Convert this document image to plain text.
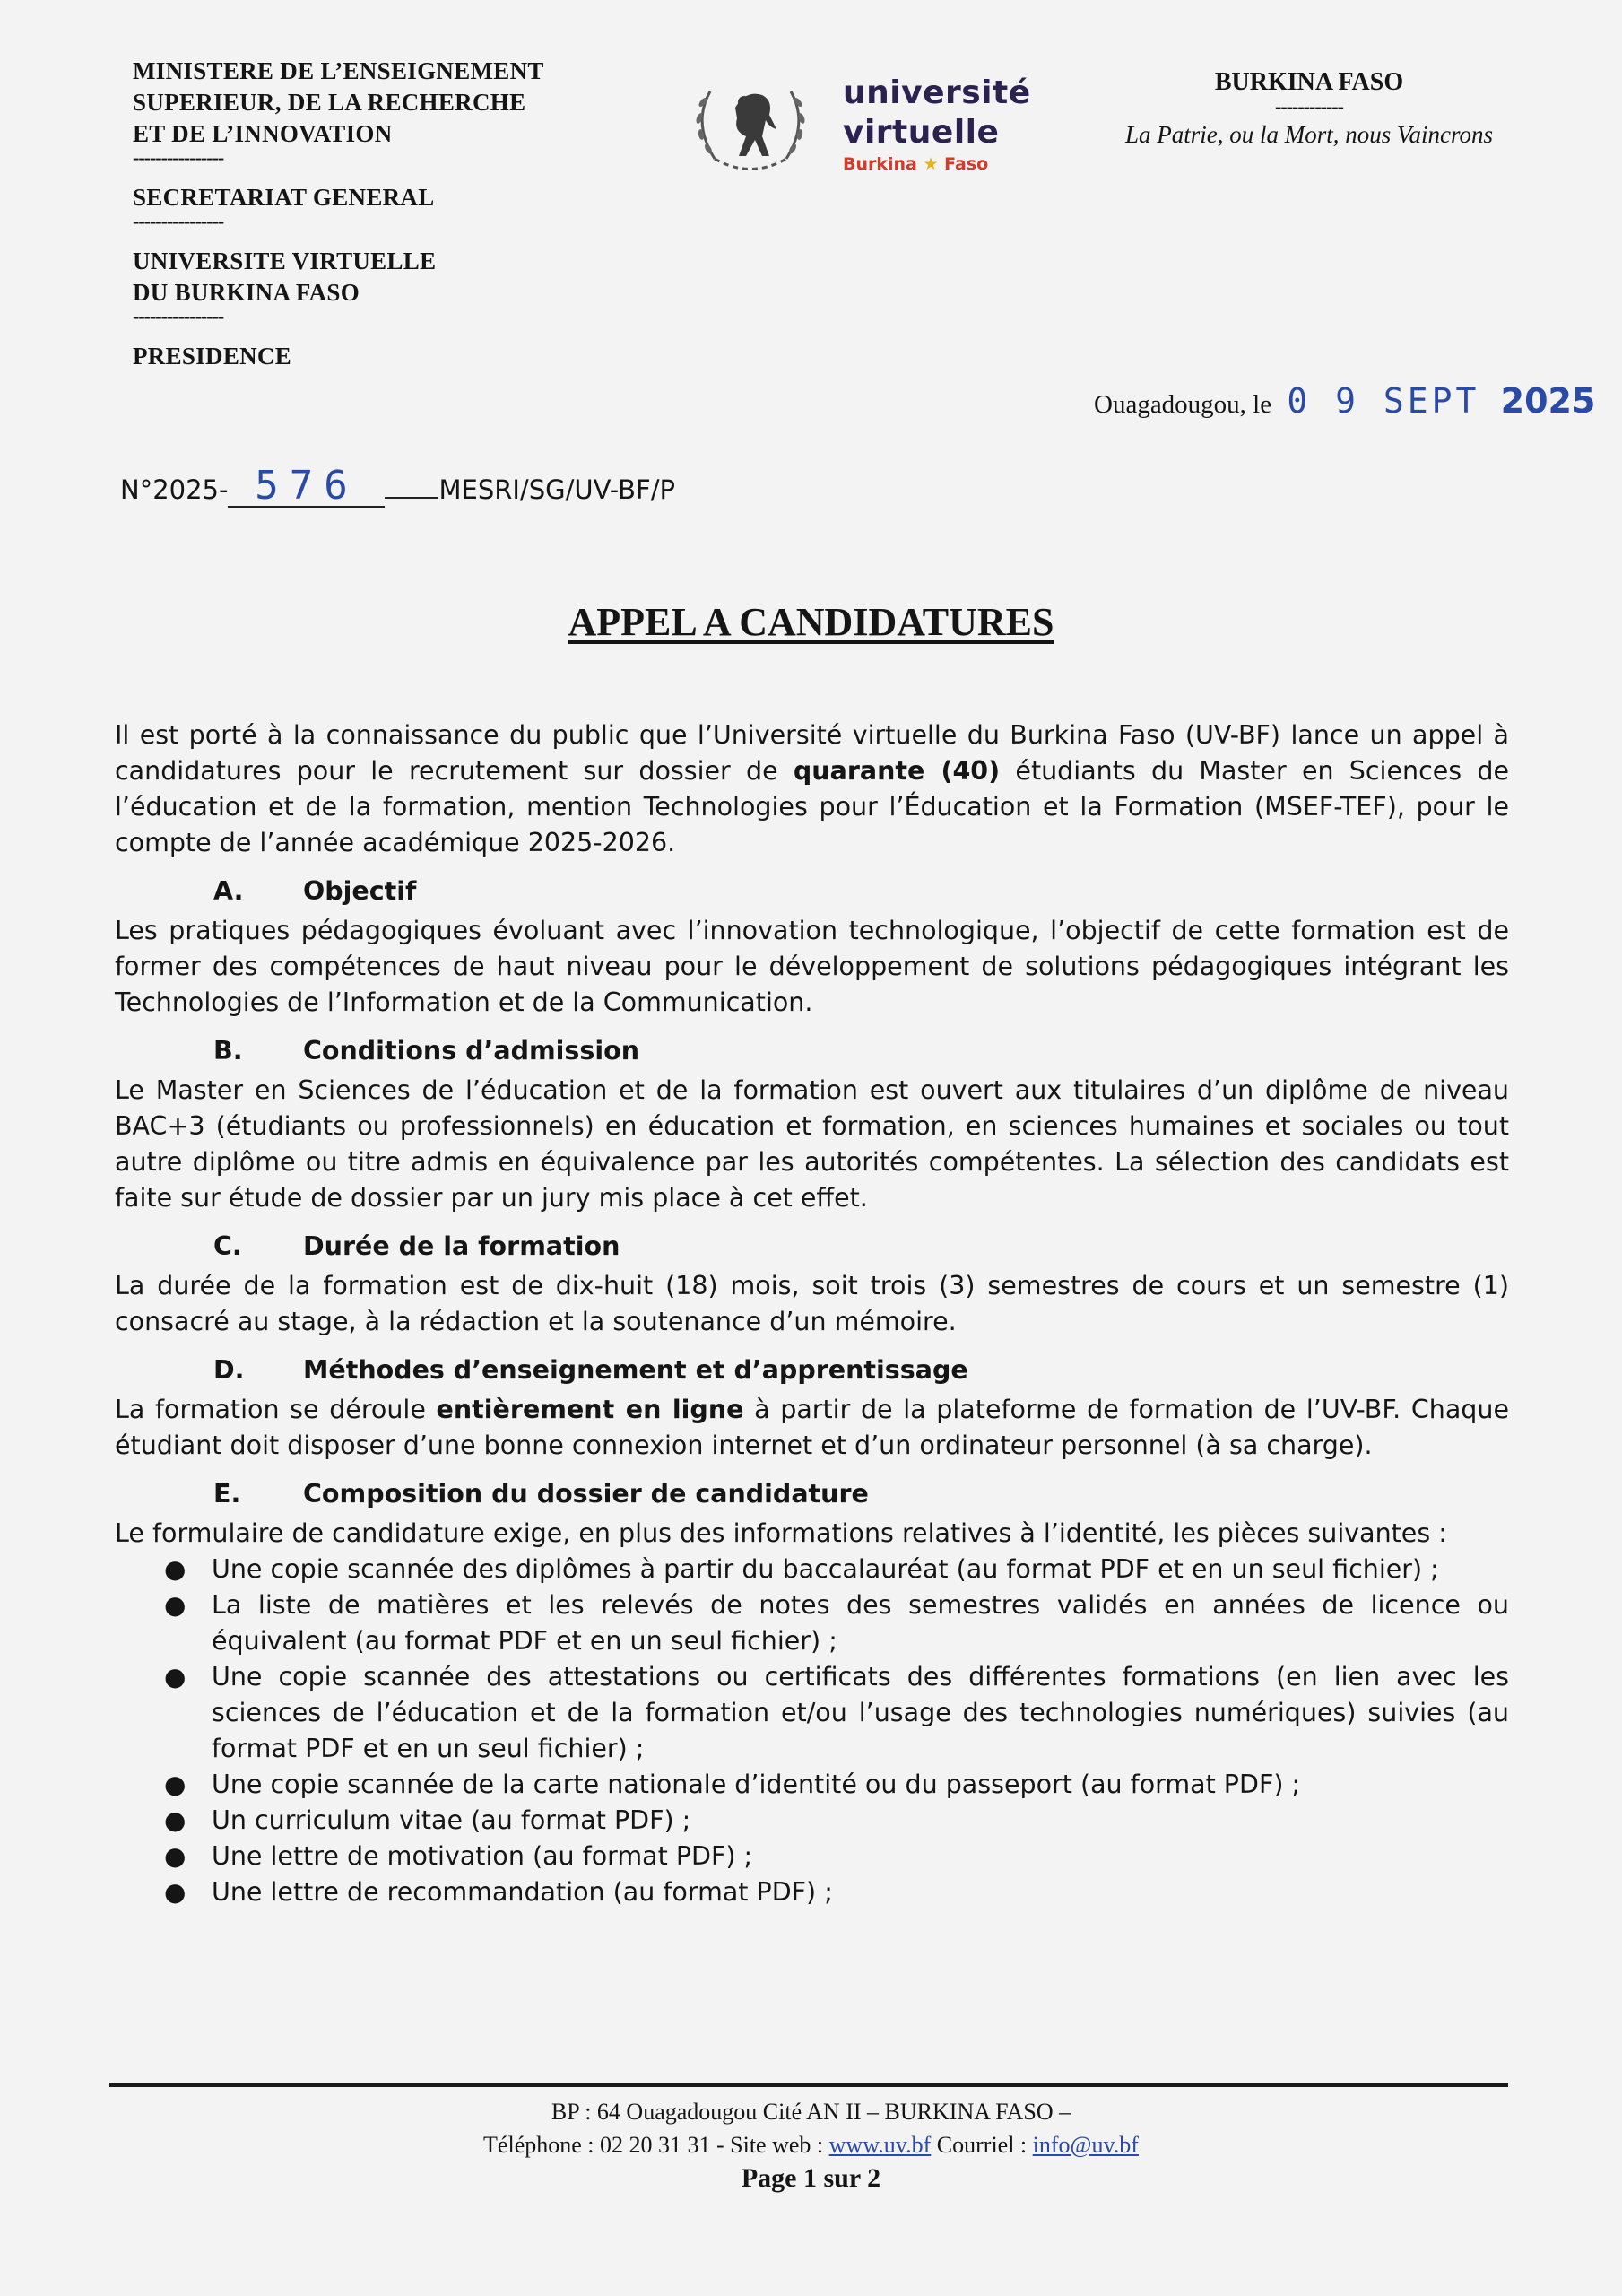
MINISTERE DE L’ENSEIGNEMENT
SUPERIEUR, DE LA RECHERCHE
ET DE L’INNOVATION
----------------
SECRETARIAT GENERAL
----------------
UNIVERSITE VIRTUELLE
DU BURKINA FASO
----------------
PRESIDENCE
université
virtuelle
Burkina ★ Faso
BURKINA FASO
------------
La Patrie, ou la Mort, nous Vaincrons
Ouagadougou, le 0 9 SEPT 2025
N°2025- 576	MESRI/SG/UV-BF/P
APPEL A CANDIDATURES

Il est porté à la connaissance du public que l’Université virtuelle du Burkina Faso (UV-BF) lance un appel à candidatures pour le recrutement sur dossier de quarante (40) étudiants du Master en Sciences de l’éducation et de la formation, mention Technologies pour l’Éducation et la Formation (MSEF-TEF), pour le compte de l’année académique 2025-2026.

A.	Objectif

Les pratiques pédagogiques évoluant avec l’innovation technologique, l’objectif de cette formation est de former des compétences de haut niveau pour le développement de solutions pédagogiques intégrant les Technologies de l’Information et de la Communication.

B.	Conditions d’admission

Le Master en Sciences de l’éducation et de la formation est ouvert aux titulaires d’un diplôme de niveau BAC+3 (étudiants ou professionnels) en éducation et formation, en sciences humaines et sociales ou tout autre diplôme ou titre admis en équivalence par les autorités compétentes. La sélection des candidats est faite sur étude de dossier par un jury mis place à cet effet.

C.	Durée de la formation

La durée de la formation est de dix-huit (18) mois, soit trois (3) semestres de cours et un semestre (1) consacré au stage, à la rédaction et la soutenance d’un mémoire.

D.	Méthodes d’enseignement et d’apprentissage

La formation se déroule entièrement en ligne à partir de la plateforme de formation de l’UV-BF. Chaque étudiant doit disposer d’une bonne connexion internet et d’un ordinateur personnel (à sa charge).

E.	Composition du dossier de candidature

Le formulaire de candidature exige, en plus des informations relatives à l’identité, les pièces suivantes :

● Une copie scannée des diplômes à partir du baccalauréat (au format PDF et en un seul fichier) ;
● La liste de matières et les relevés de notes des semestres validés en années de licence ou équivalent (au format PDF et en un seul fichier) ;
● Une copie scannée des attestations ou certificats des différentes formations (en lien avec les sciences de l’éducation et de la formation et/ou l’usage des technologies numériques) suivies (au format PDF et en un seul fichier) ;
● Une copie scannée de la carte nationale d’identité ou du passeport (au format PDF) ;
● Un curriculum vitae (au format PDF) ;
● Une lettre de motivation (au format PDF) ;
● Une lettre de recommandation (au format PDF) ;
BP : 64 Ouagadougou Cité AN II – BURKINA FASO –
Téléphone : 02 20 31 31 - Site web : www.uv.bf Courriel : info@uv.bf
Page 1 sur 2
